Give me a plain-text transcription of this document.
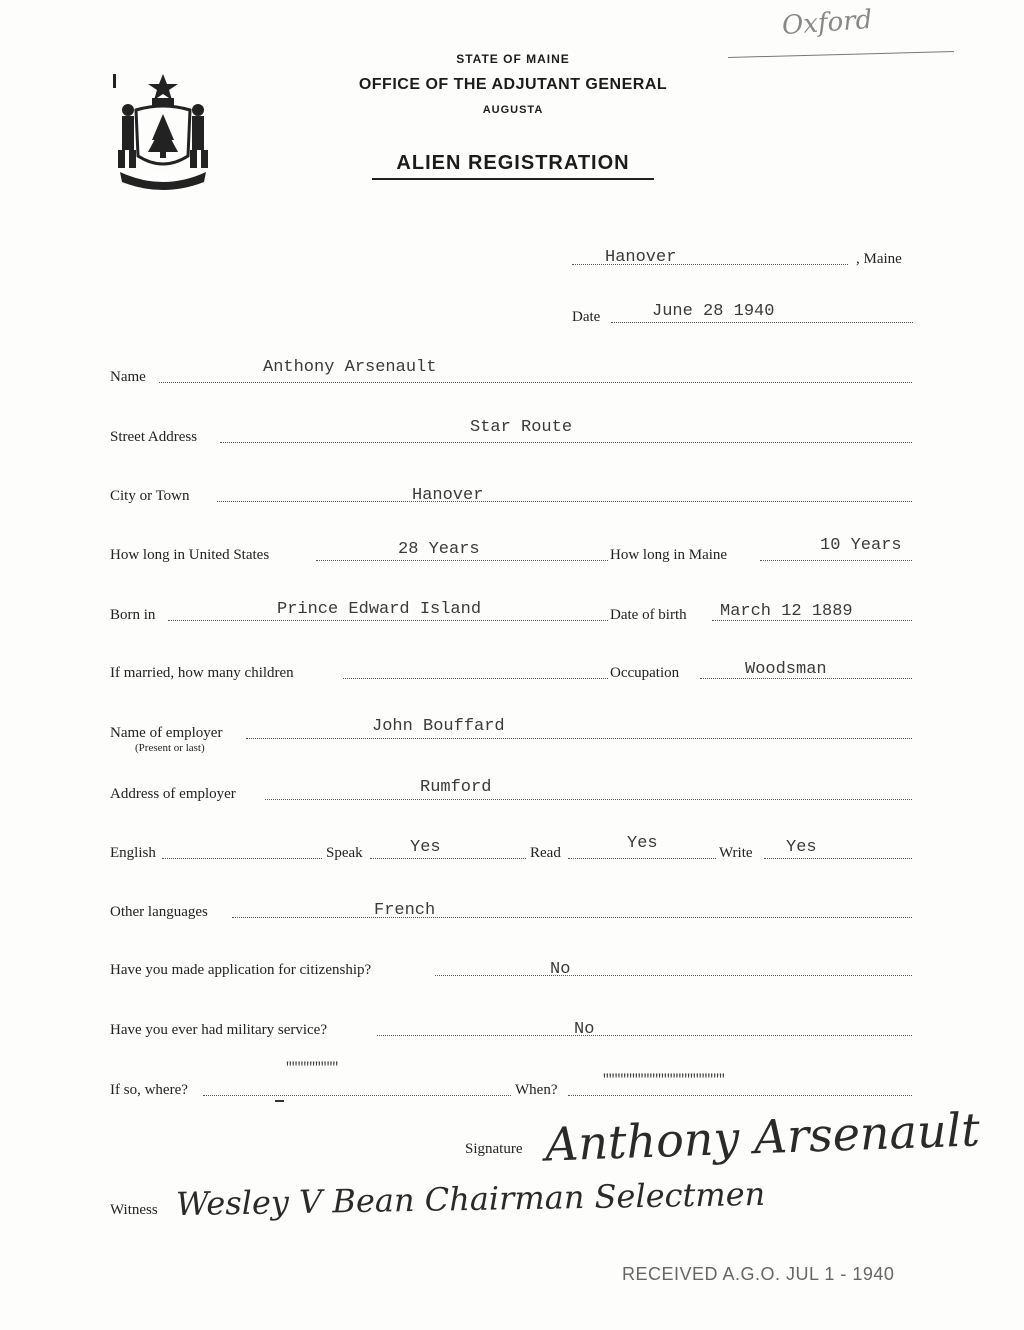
MAINE
STATE OF MAINE
OFFICE OF THE ADJUTANT GENERAL
AUGUSTA
ALIEN REGISTRATION
Oxford
Hanover	, Maine
Date	June 28 1940
Name	Anthony Arsenault
Street Address	Star Route
City or Town	Hanover
How long in United States	28 Years	How long in Maine	10 Years
Born in	Prince Edward Island	Date of birth March 12 1889
If married, how many children	Occupation	Woodsman
Name of employer
(Present or last)
John Bouffard
Address of employer	Rumford
English	Speak	Yes	Read	Yes	Write Yes
Other languages	French
Have you made application for citizenship?	No
Have you ever had military service?	No
If so, where?
"""""""""
When?
"""""""""""""""""""""
Signature Anthony Arsenault
Witness Wesley V Bean Chairman Selectmen
RECEIVED A.G.O. JUL 1 - 1940
